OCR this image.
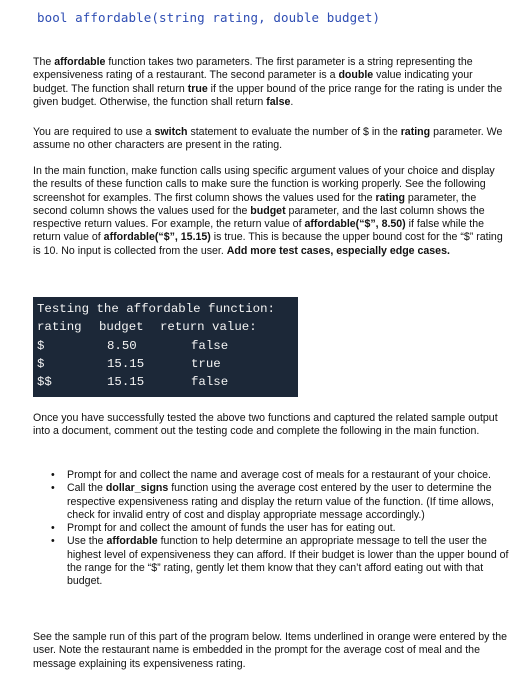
bool affordable(string rating, double budget)

The affordable function takes two parameters. The first parameter is a string representing the expensiveness rating of a restaurant. The second parameter is a double value indicating your budget. The function shall return true if the upper bound of the price range for the rating is under the given budget. Otherwise, the function shall return false.

You are required to use a switch statement to evaluate the number of $ in the rating parameter. We assume no other characters are present in the rating.

In the main function, make function calls using specific argument values of your choice and display the results of these function calls to make sure the function is working properly. See the following screenshot for examples. The first column shows the values used for the rating parameter, the second column shows the values used for the budget parameter, and the last column shows the respective return values. For example, the return value of affordable(“$”, 8.50) if false while the return value of affordable(“$”, 15.15) is true. This is because the upper bound cost for the “$” rating is 10. No input is collected from the user. Add more test cases, especially edge cases.

Testing the affordable function:
rating budget return value:
$	8.50	false
$	15.15	true
$$	15.15	false

Once you have successfully tested the above two functions and captured the related sample output into a document, comment out the testing code and complete the following in the main function.

• Prompt for and collect the name and average cost of meals for a restaurant of your choice.
• Call the dollar_signs function using the average cost entered by the user to determine the respective expensiveness rating and display the return value of the function. (If time allows, check for invalid entry of cost and display appropriate message accordingly.)
• Prompt for and collect the amount of funds the user has for eating out.
• Use the affordable function to help determine an appropriate message to tell the user the highest level of expensiveness they can afford. If their budget is lower than the upper bound of the range for the “$” rating, gently let them know that they can’t afford eating out with that budget.

See the sample run of this part of the program below. Items underlined in orange were entered by the user. Note the restaurant name is embedded in the prompt for the average cost of meal and the message explaining its expensiveness rating.
